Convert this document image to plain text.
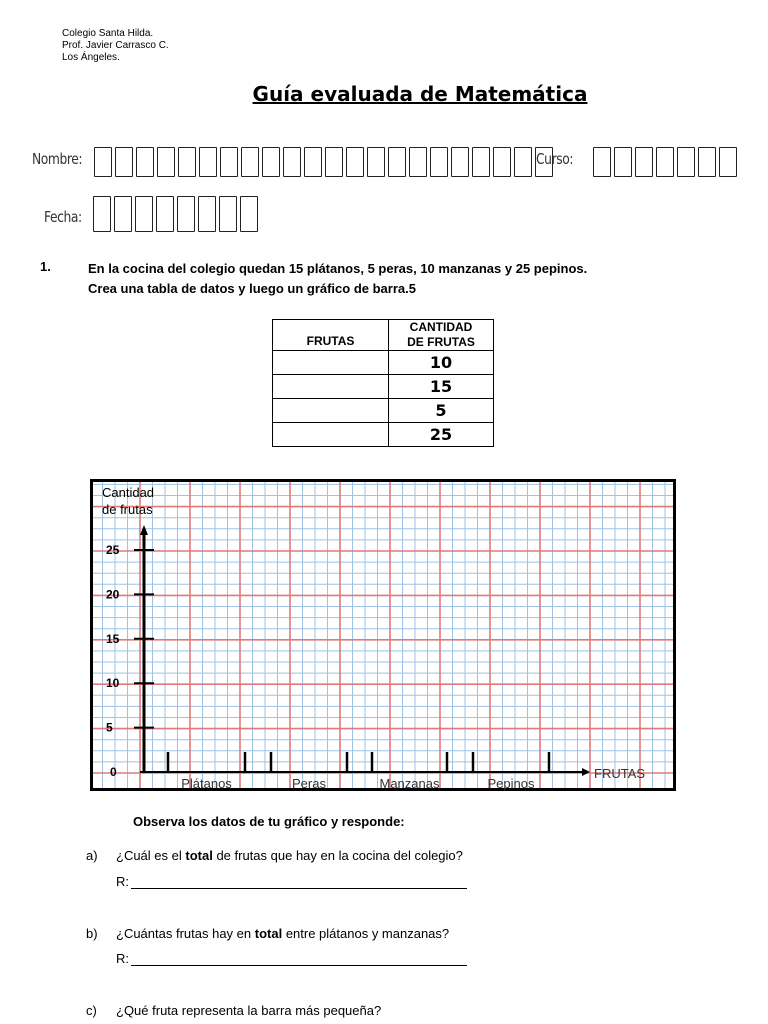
Colegio Santa Hilda.
Prof. Javier Carrasco C.
Los Ángeles.
Guía evaluada de Matemática
Nombre:	Curso:
Fecha:
1.	En la cocina del colegio quedan 15 plátanos, 5 peras, 10 manzanas y 25 pepinos.
Crea una tabla de datos y luego un gráfico de barra.5
FRUTAS	CANTIDAD
DE FRUTAS
	10
	15
	5
	25
Cantidad
de frutas
0
5
10
15
20
25
Plátanos	Peras	Manzanas	Pepinos
FRUTAS
Observa los datos de tu gráfico y responde:
a) ¿Cuál es el total de frutas que hay en la cocina del colegio?
R:
b) ¿Cuántas frutas hay en total entre plátanos y manzanas?
R:
c) ¿Qué fruta representa la barra más pequeña?
